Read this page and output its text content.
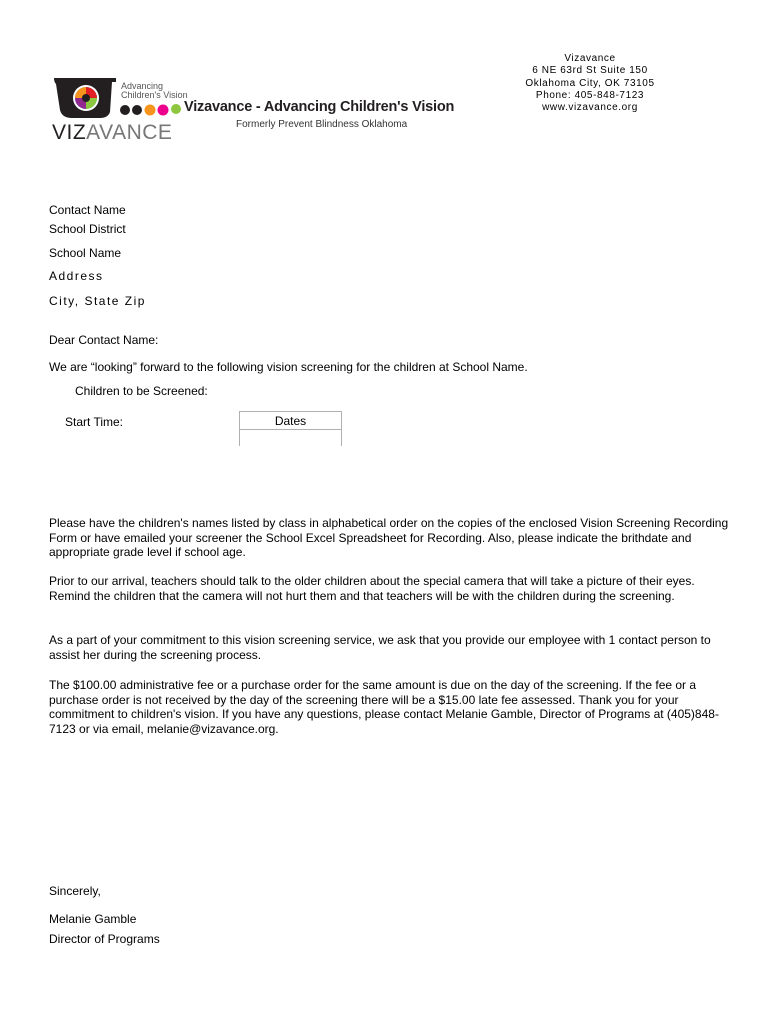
Vizavance
6 NE 63rd St Suite 150
Oklahoma City, OK 73105
Phone: 405-848-7123
www.vizavance.org
Advancing
Children's Vision
VIZAVANCE
Vizavance - Advancing Children's Vision
Formerly Prevent Blindness Oklahoma
Contact Name
School District
School Name
Address
City, State Zip
Dear Contact Name:
We are “looking” forward to the following vision screening for the children at School Name.
Children to be Screened:
Start Time:	Dates

Please have the children's names listed by class in alphabetical order on the copies of the enclosed Vision Screening Recording Form or have emailed your screener the School Excel Spreadsheet for Recording. Also, please indicate the brithdate and appropriate grade level if school age.
Prior to our arrival, teachers should talk to the older children about the special camera that will take a picture of their eyes. Remind the children that the camera will not hurt them and that teachers will be with the children during the screening.
As a part of your commitment to this vision screening service, we ask that you provide our employee with 1 contact person to assist her during the screening process.
The $100.00 administrative fee or a purchase order for the same amount is due on the day of the screening. If the fee or a purchase order is not received by the day of the screening there will be a $15.00 late fee assessed. Thank you for your commitment to children's vision. If you have any questions, please contact Melanie Gamble, Director of Programs at (405)848-7123 or via email, melanie@vizavance.org.
Sincerely,
Melanie Gamble
Director of Programs
